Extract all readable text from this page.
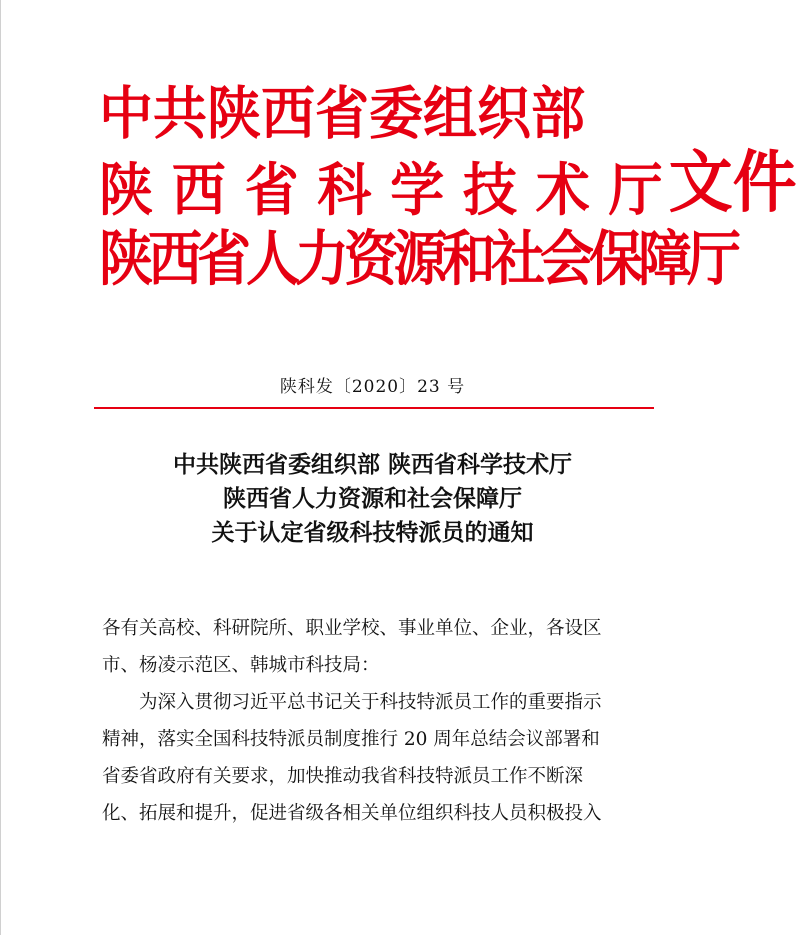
中共陕西省委组织部
陕 西 省 科 学 技 术 厅文件
陕西省人力资源和社会保障厅
陕科发〔2020〕23 号
中共陕西省委组织部 陕西省科学技术厅
陕西省人力资源和社会保障厅
关于认定省级科技特派员的通知
各有关高校、科研院所、职业学校、事业单位、企业，各设区
市、杨凌示范区、韩城市科技局：
为深入贯彻习近平总书记关于科技特派员工作的重要指示
精神，落实全国科技特派员制度推行 20 周年总结会议部署和
省委省政府有关要求，加快推动我省科技特派员工作不断深
化、拓展和提升，促进省级各相关单位组织科技人员积极投入
